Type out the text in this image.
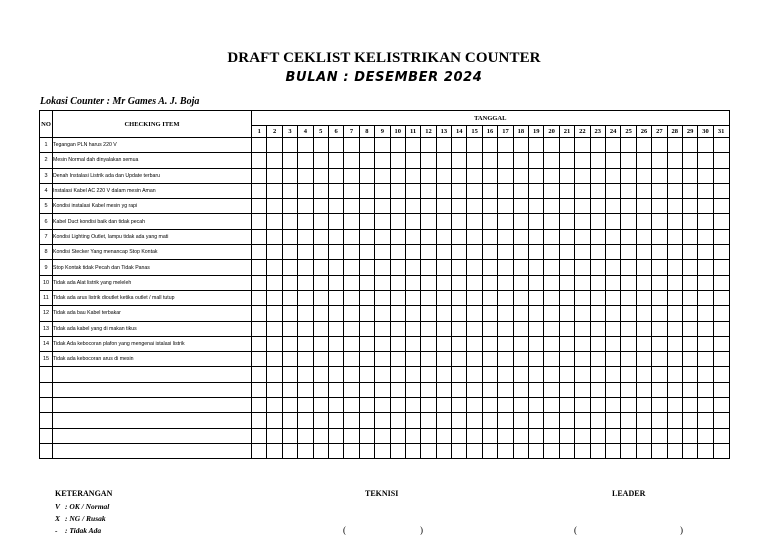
DRAFT CEKLIST KELISTRIKAN COUNTER
BULAN : DESEMBER 2024
Lokasi Counter : Mr Games A. J. Boja
NO	CHECKING ITEM	TANGGAL																														
		1	2	3	4	5	6	7	8	9	10	11	12	13	14	15	16	17	18	19	20	21	22	23	24	25	26	27	28	29	30	31
1	Tegangan PLN harus 220 V																															
2	Mesin Normal dah dinyalakan semua																															
3	Denah Instalasi Listrik ada dan Update terbaru																															
4	Instalasi Kabel AC 220 V dalam mesin Aman																															
5	Kondisi instalasi Kabel mesin yg rapi																															
6	Kabel Duct kondisi baik dan tidak pecah																															
7	Kondisi Lighting Outlet, lampu tidak ada yang mati																															
8	Kondisi Stecker Yang menancap Stop Kontak																															
9	Stop Kontak tidak Pecah dan Tidak Panas																															
10	Tidak ada Alat listrik yang meleleh																															
11	Tidak ada arus listrik dioutlet ketika outlet / mall tutup																															
12	Tidak ada bau Kabel terbakar																															
13	Tidak ada kabel yang di makan tikus																															
14	Tidak Ada kebocoran plafon yang mengenai istalasi listrik																															
15	Tidak ada kebocoran arus di mesin																															

KETERANGAN
V : OK / Normal
X : NG / Rusak
- : Tidak Ada
TEKNISI	LEADER
(	)	(	)
